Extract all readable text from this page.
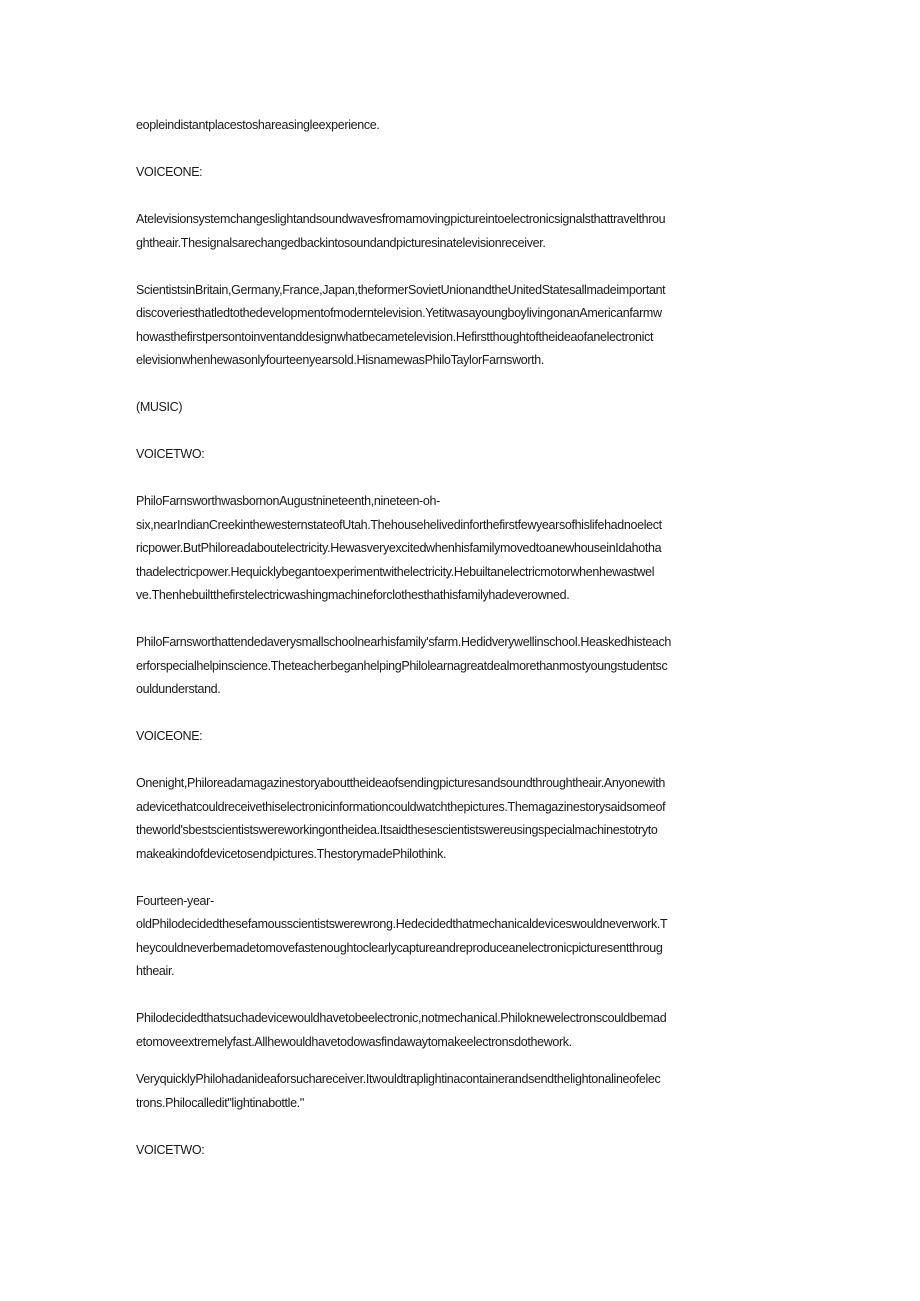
eopleindistantplacestoshareasingleexperience.
VOICEONE:
Atelevisionsystemchangeslightandsoundwavesfromamovingpictureintoelectronicsignalsthattravelthrou
ghtheair.Thesignalsarechangedbackintosoundandpicturesinatelevisionreceiver.
ScientistsinBritain,Germany,France,Japan,theformerSovietUnionandtheUnitedStatesallmadeimportant
discoveriesthatledtothedevelopmentofmoderntelevision.YetitwasayoungboylivingonanAmericanfarmw
howasthefirstpersontoinventanddesignwhatbecametelevision.Hefirstthoughtoftheideaofanelectronict
elevisionwhenhewasonlyfourteenyearsold.HisnamewasPhiloTaylorFarnsworth.
(MUSIC)
VOICETWO:
PhiloFarnsworthwasbornonAugustnineteenth,nineteen-oh-
six,nearIndianCreekinthewesternstateofUtah.Thehousehelivedinforthefirstfewyearsofhislifehadnoelect
ricpower.ButPhiloreadaboutelectricity.HewasveryexcitedwhenhisfamilymovedtoanewhouseinIdahotha
thadelectricpower.Hequicklybegantoexperimentwithelectricity.Hebuiltanelectricmotorwhenhewastwel
ve.Thenhebuiltthefirstelectricwashingmachineforclothesthathisfamilyhadeverowned.
PhiloFarnsworthattendedaverysmallschoolnearhisfamily'sfarm.Hedidverywellinschool.Heaskedhisteach
erforspecialhelpinscience.TheteacherbeganhelpingPhilolearnagreatdealmorethanmostyoungstudentsc
ouldunderstand.
VOICEONE:
Onenight,Philoreadamagazinestoryabouttheideaofsendingpicturesandsoundthroughtheair.Anyonewith
adevicethatcouldreceivethiselectronicinformationcouldwatchthepictures.Themagazinestorysaidsomeof
theworld'sbestscientistswereworkingontheidea.Itsaidthesescientistswereusingspecialmachinestotryto
makeakindofdevicetosendpictures.ThestorymadePhilothink.
Fourteen-year-
oldPhilodecidedthesefamousscientistswerewrong.Hedecidedthatmechanicaldeviceswouldneverwork.T
heycouldneverbemadetomovefastenoughtoclearlycaptureandreproduceanelectronicpicturesentthroug
htheair.
Philodecidedthatsuchadevicewouldhavetobeelectronic,notmechanical.Philoknewelectronscouldbemad
etomoveextremelyfast.Allhewouldhavetodowasfindawaytomakeelectronsdothework.
VeryquicklyPhilohadanideaforsuchareceiver.Itwouldtraplightinacontainerandsendthelightonalineofelec
trons.Philocalledit"lightinabottle."
VOICETWO:
